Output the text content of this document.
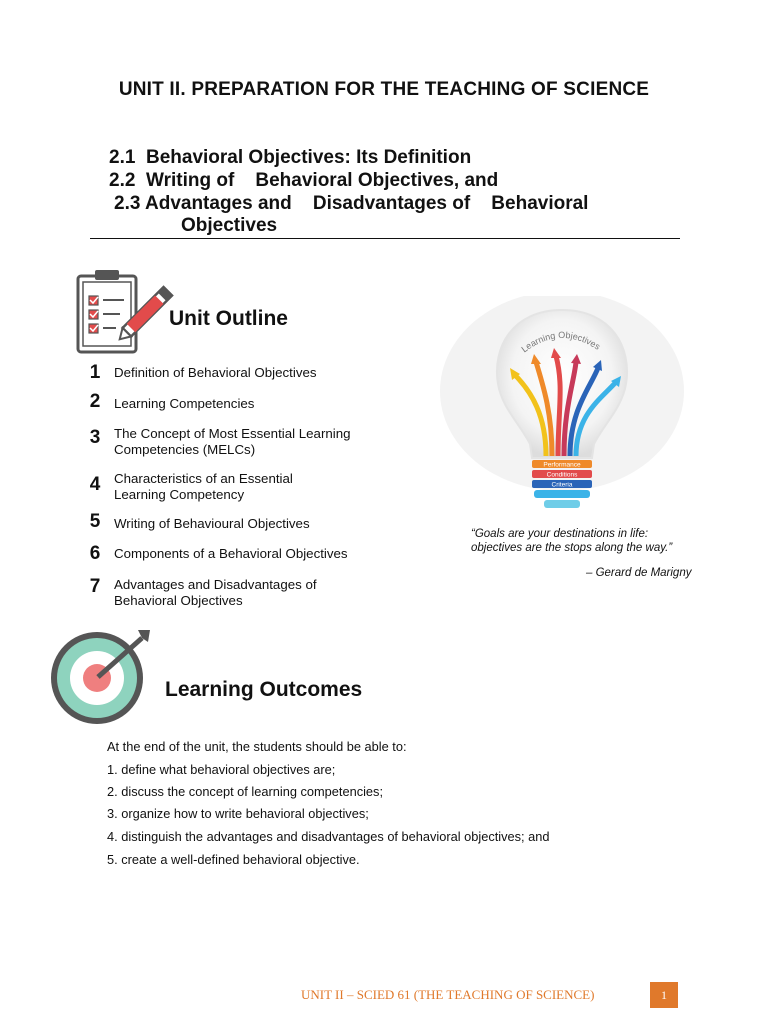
UNIT II. PREPARATION FOR THE TEACHING OF SCIENCE
2.1 Behavioral Objectives: Its Definition
2.2 Writing of    Behavioral Objectives, and
2.3 Advantages and    Disadvantages of    Behavioral
Objectives
Unit Outline
1	Definition of Behavioral Objectives
2	Learning Competencies
3	The Concept of Most Essential Learning Competencies (MELCs)
4	Characteristics of an Essential Learning Competency
5	Writing of Behavioural Objectives
6	Components of a Behavioral Objectives
7	Advantages and Disadvantages of Behavioral Objectives
Learning Objectives
Performance
Conditions
Criteria
“Goals are your destinations in life:
objectives are the stops along the way.”
– Gerard de Marigny
Learning Outcomes
At the end of the unit, the students should be able to:
1. define what behavioral objectives are;
2. discuss the concept of learning competencies;
3. organize how to write behavioral objectives;
4. distinguish the advantages and disadvantages of behavioral objectives; and
5. create a well-defined behavioral objective.
UNIT II – SCIED 61 (THE TEACHING OF SCIENCE)	1
